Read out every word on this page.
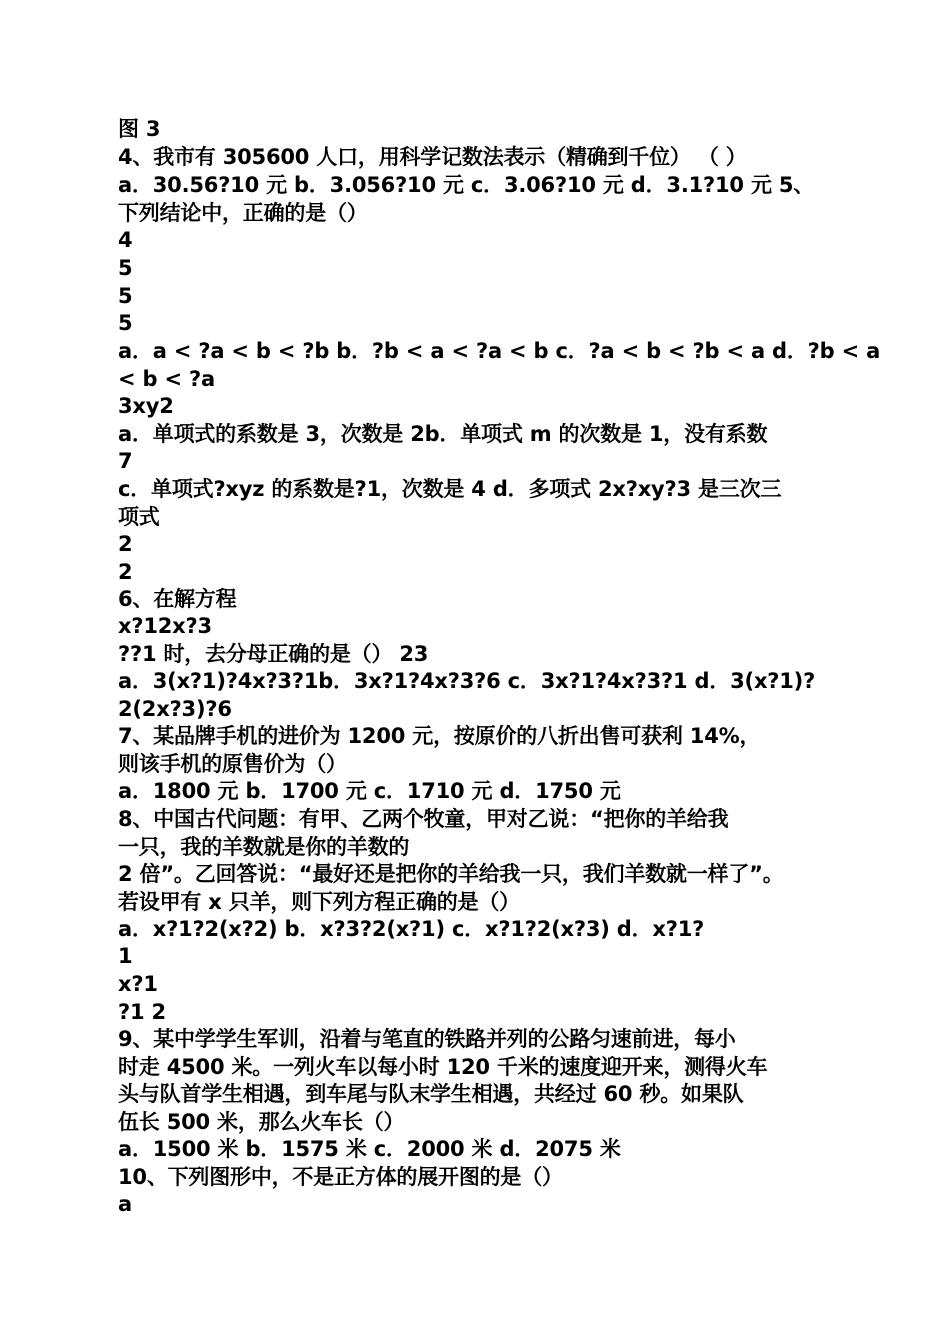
图 3
4、我市有 305600 人口，用科学记数法表示（精确到千位） （ ）
a．30.56?10 元 b．3.056?10 元 c．3.06?10 元 d．3.1?10 元 5、
下列结论中，正确的是（）
4
5
5
5
a．a < ?a < b < ?b b．?b < a < ?a < b c．?a < b < ?b < a d．?b < a
< b < ?a
3xy2
a．单项式的系数是 3，次数是 2b．单项式 m 的次数是 1，没有系数
7
c．单项式?xyz 的系数是?1，次数是 4 d．多项式 2x?xy?3 是三次三
项式
2
2
6、在解方程
x?12x?3
??1 时，去分母正确的是（） 23
a．3(x?1)?4x?3?1b．3x?1?4x?3?6 c．3x?1?4x?3?1 d．3(x?1)?
2(2x?3)?6
7、某品牌手机的进价为 1200 元，按原价的八折出售可获利 14%，
则该手机的原售价为（）
a．1800 元 b．1700 元 c．1710 元 d．1750 元
8、中国古代问题：有甲、乙两个牧童，甲对乙说：“把你的羊给我
一只，我的羊数就是你的羊数的
2 倍”。乙回答说：“最好还是把你的羊给我一只，我们羊数就一样了”。
若设甲有 x 只羊，则下列方程正确的是（）
a．x?1?2(x?2) b．x?3?2(x?1) c．x?1?2(x?3) d．x?1?
1
x?1
?1 2
9、某中学学生军训，沿着与笔直的铁路并列的公路匀速前进，每小
时走 4500 米。一列火车以每小时 120 千米的速度迎开来，测得火车
头与队首学生相遇，到车尾与队末学生相遇，共经过 60 秒。如果队
伍长 500 米，那么火车长（）
a．1500 米 b．1575 米 c．2000 米 d．2075 米
10、下列图形中，不是正方体的展开图的是（）
a
